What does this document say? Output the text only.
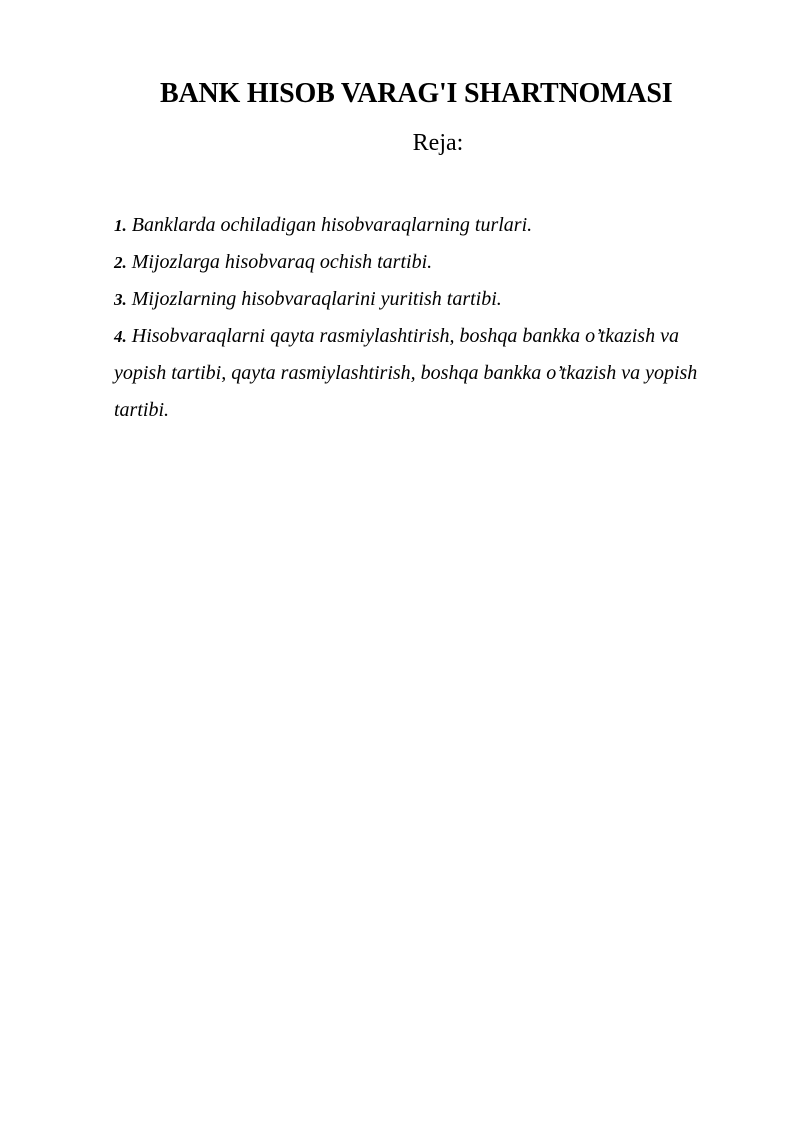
BANK HISOB VARAG'I SHARTNOMASI
Reja:
1. Banklarda ochiladigan hisobvaraqlarning turlari.
2. Mijozlarga hisobvaraq ochish tartibi.
3. Mijozlarning hisobvaraqlarini yuritish tartibi.
4. Hisobvaraqlarni qayta rasmiylashtirish, boshqa bankka o’tkazish va yopish tartibi, qayta rasmiylashtirish, boshqa bankka o’tkazish va yopish tartibi.
